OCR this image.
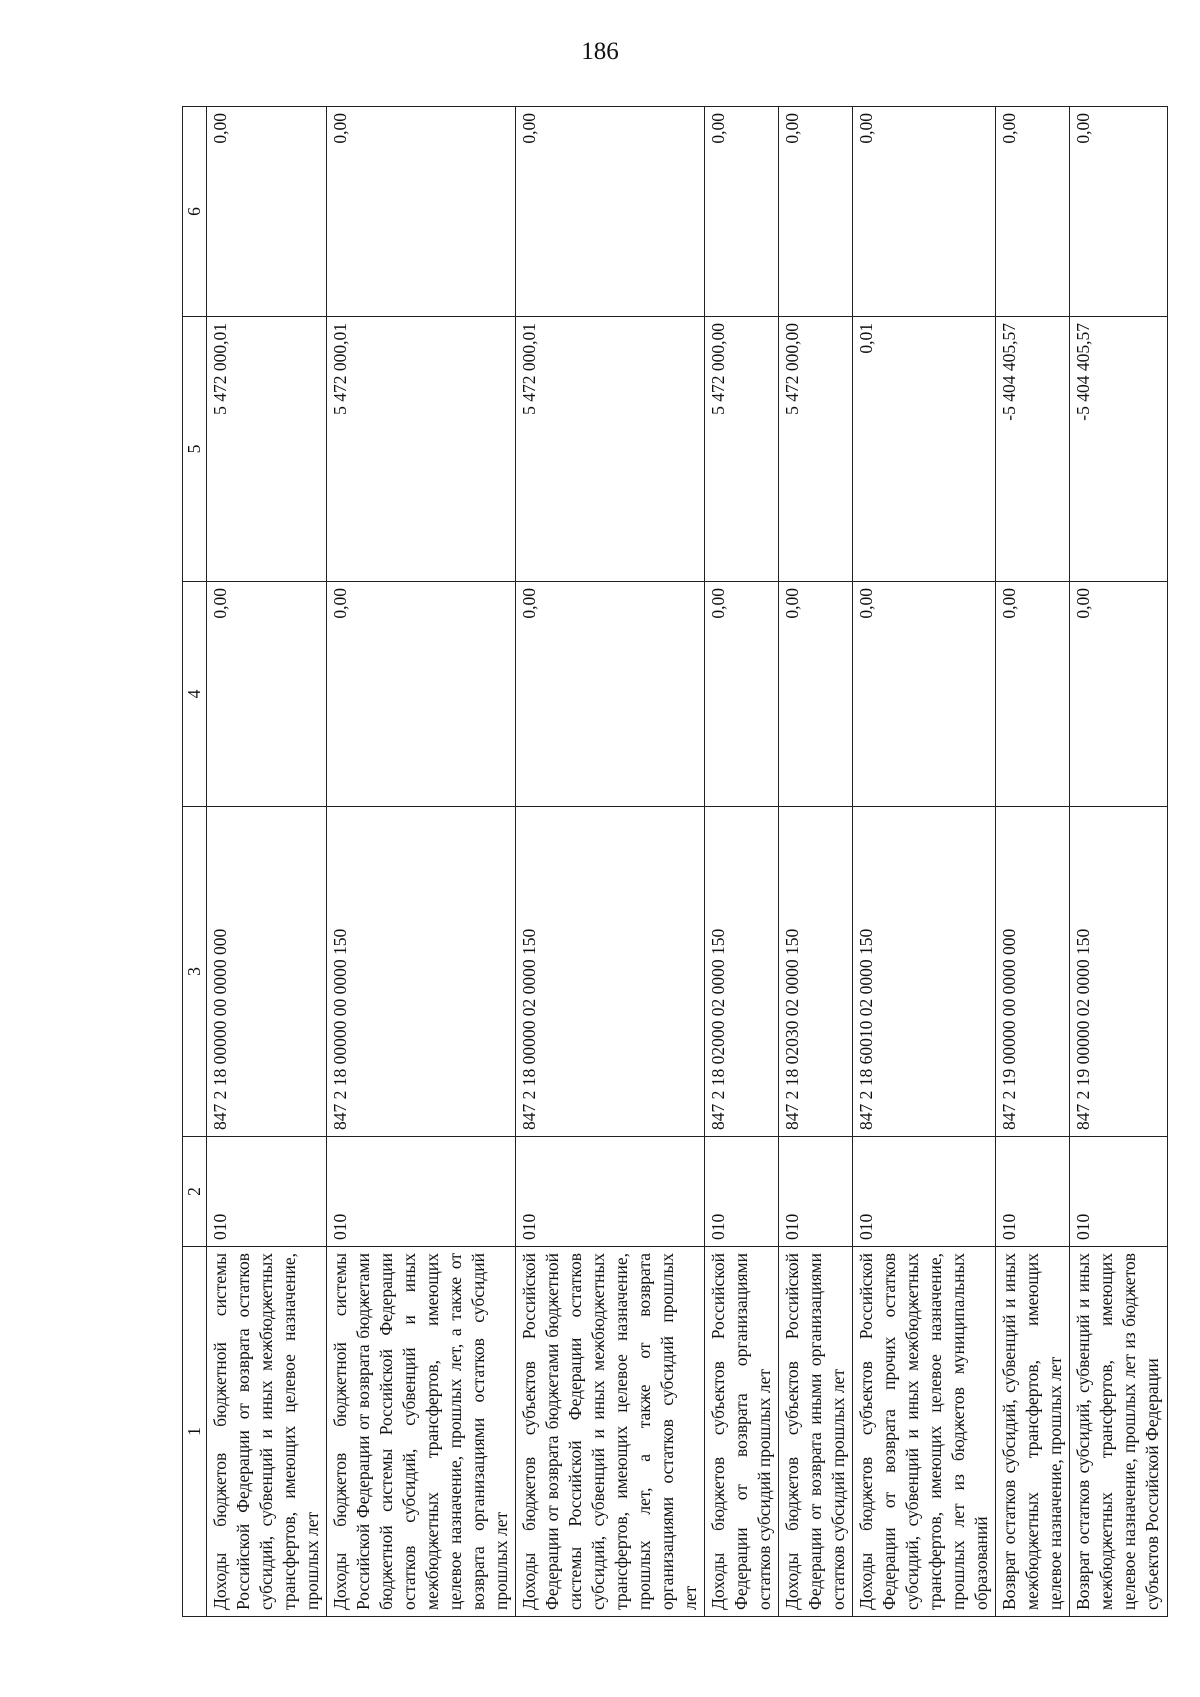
186
1	2	3	4	5	6
Доходы бюджетов бюджетной системы Российской Федерации от возврата остатков субсидий, субвенций и иных межбюджетных трансфертов, имеющих целевое назначение, прошлых лет	010	847 2 18 00000 00 0000 000	0,00	5 472 000,01	0,00
Доходы бюджетов бюджетной системы Российской Федерации от возврата бюджетами бюджетной системы Российской Федерации остатков субсидий, субвенций и иных межбюджетных трансфертов, имеющих целевое назначение, прошлых лет, а также от возврата организациями остатков субсидий прошлых лет	010	847 2 18 00000 00 0000 150	0,00	5 472 000,01	0,00
Доходы бюджетов субъектов Российской Федерации от возврата бюджетами бюджетной системы Российской Федерации остатков субсидий, субвенций и иных межбюджетных трансфертов, имеющих целевое назначение, прошлых лет, а также от возврата организациями остатков субсидий прошлых лет	010	847 2 18 00000 02 0000 150	0,00	5 472 000,01	0,00
Доходы бюджетов субъектов Российской Федерации от возврата организациями остатков субсидий прошлых лет	010	847 2 18 02000 02 0000 150	0,00	5 472 000,00	0,00
Доходы бюджетов субъектов Российской Федерации от возврата иными организациями остатков субсидий прошлых лет	010	847 2 18 02030 02 0000 150	0,00	5 472 000,00	0,00
Доходы бюджетов субъектов Российской Федерации от возврата прочих остатков субсидий, субвенций и иных межбюджетных трансфертов, имеющих целевое назначение, прошлых лет из бюджетов муниципальных образований	010	847 2 18 60010 02 0000 150	0,00	0,01	0,00
Возврат остатков субсидий, субвенций и иных межбюджетных трансфертов, имеющих целевое назначение, прошлых лет	010	847 2 19 00000 00 0000 000	0,00	-5 404 405,57	0,00
Возврат остатков субсидий, субвенций и иных межбюджетных трансфертов, имеющих целевое назначение, прошлых лет из бюджетов субъектов Российской Федерации	010	847 2 19 00000 02 0000 150	0,00	-5 404 405,57	0,00
